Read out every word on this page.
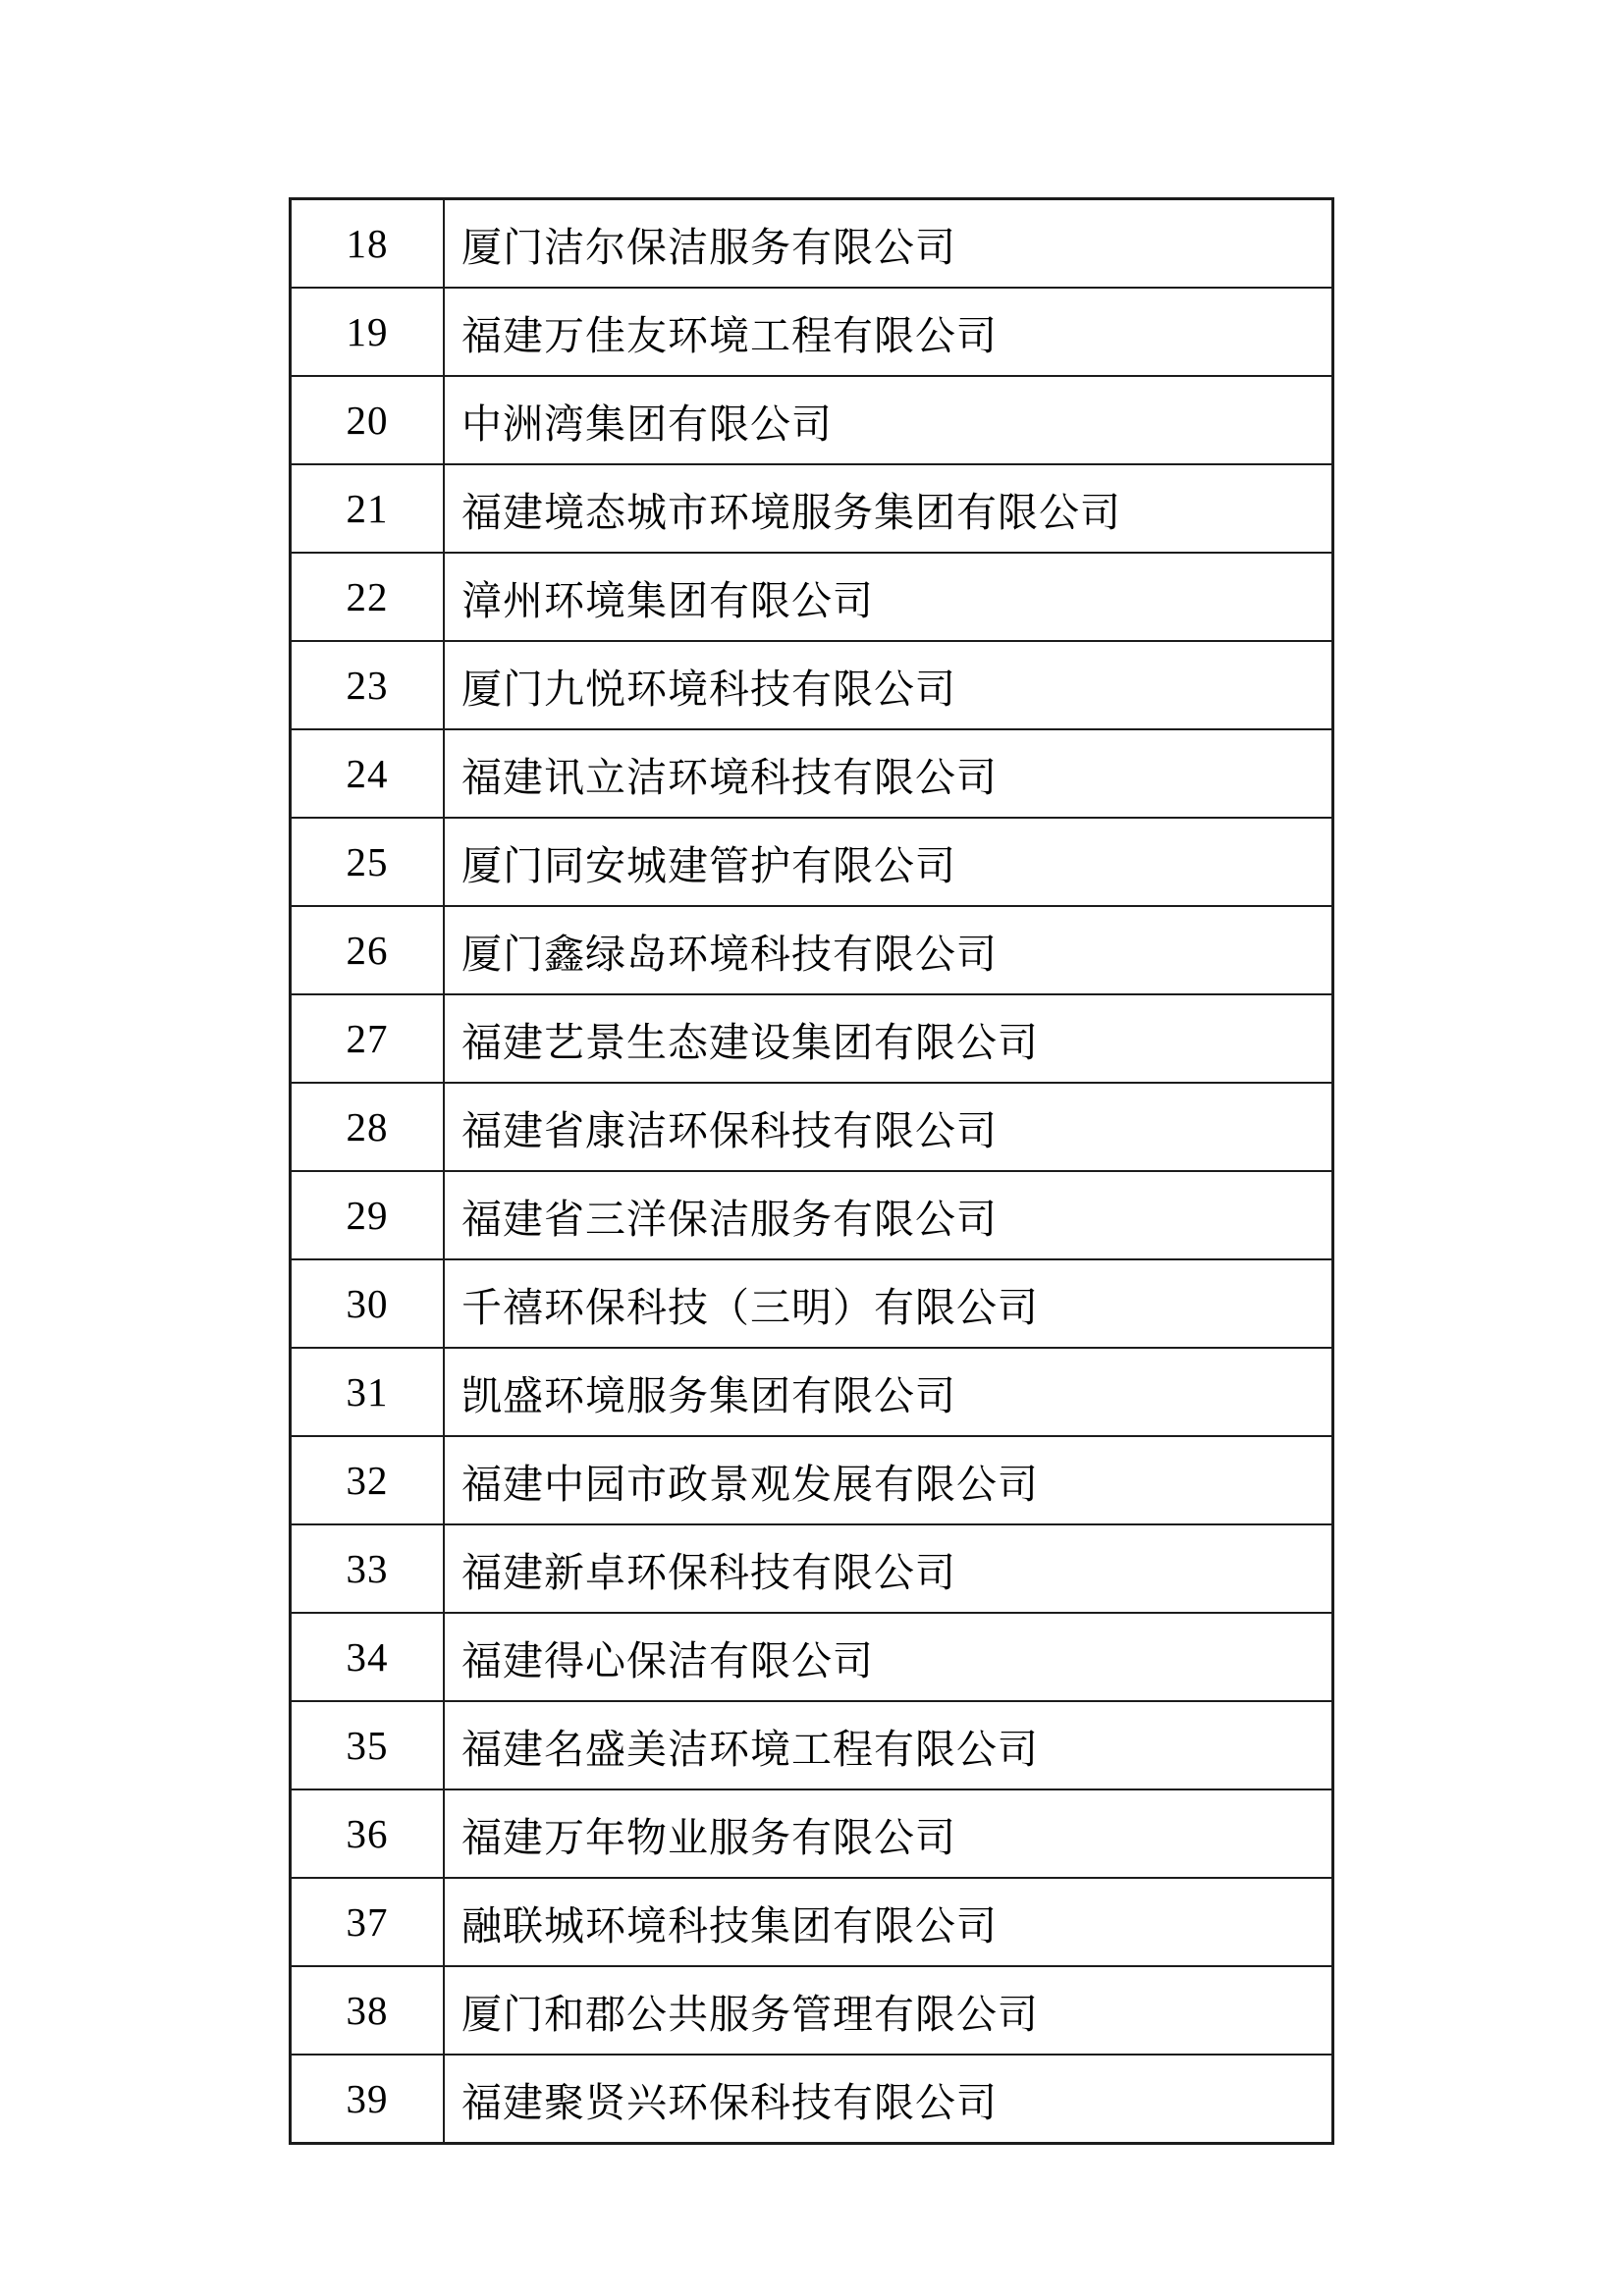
18	厦门洁尔保洁服务有限公司
19	福建万佳友环境工程有限公司
20	中洲湾集团有限公司
21	福建境态城市环境服务集团有限公司
22	漳州环境集团有限公司
23	厦门九悦环境科技有限公司
24	福建讯立洁环境科技有限公司
25	厦门同安城建管护有限公司
26	厦门鑫绿岛环境科技有限公司
27	福建艺景生态建设集团有限公司
28	福建省康洁环保科技有限公司
29	福建省三洋保洁服务有限公司
30	千禧环保科技（三明）有限公司
31	凯盛环境服务集团有限公司
32	福建中园市政景观发展有限公司
33	福建新卓环保科技有限公司
34	福建得心保洁有限公司
35	福建名盛美洁环境工程有限公司
36	福建万年物业服务有限公司
37	融联城环境科技集团有限公司
38	厦门和郡公共服务管理有限公司
39	福建聚贤兴环保科技有限公司
